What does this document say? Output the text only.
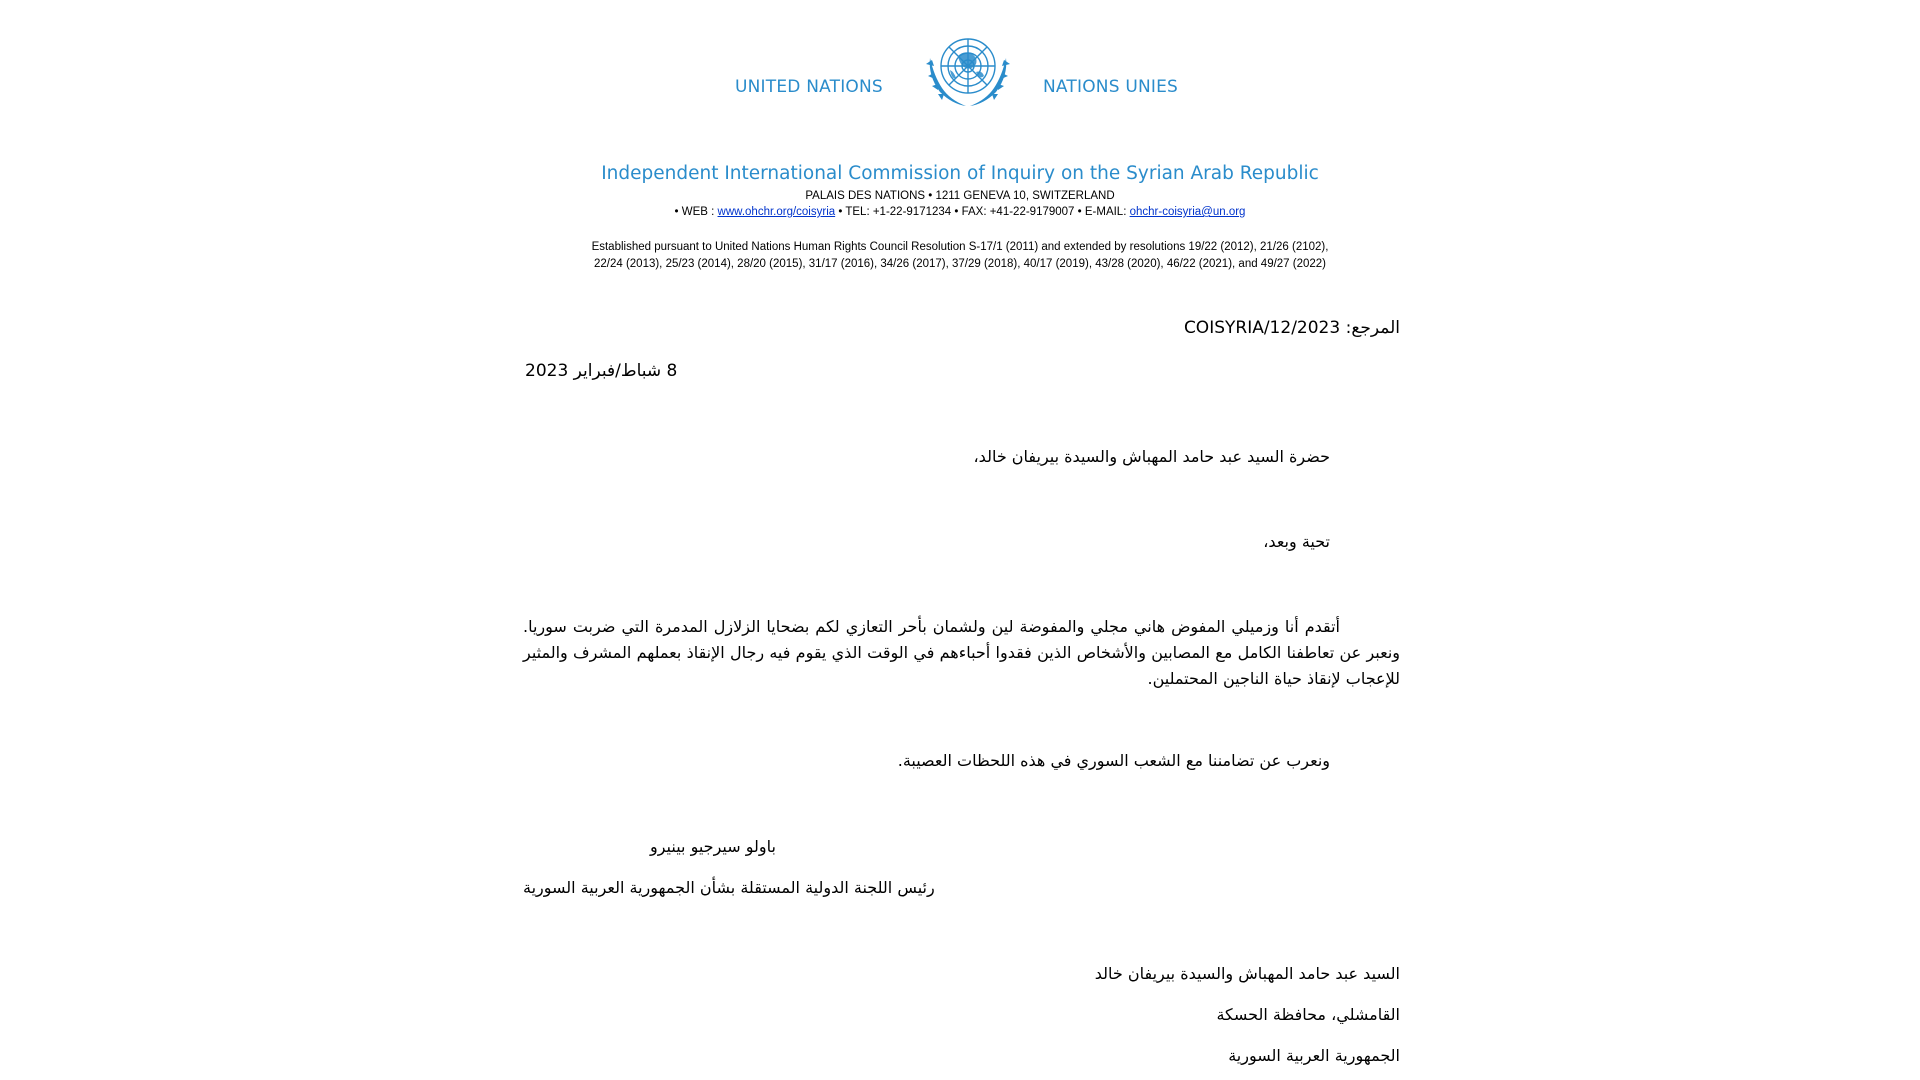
UNITED NATIONS	NATIONS UNIES
Independent International Commission of Inquiry on the Syrian Arab Republic
PALAIS DES NATIONS • 1211 GENEVA 10, SWITZERLAND
• WEB : www.ohchr.org/coisyria • TEL: +1-22-9171234 • FAX: +41-22-9179007 • E-MAIL: ohchr-coisyria@un.org
Established pursuant to United Nations Human Rights Council Resolution S-17/1 (2011) and extended by resolutions 19/22 (2012), 21/26 (2102),
22/24 (2013), 25/23 (2014), 28/20 (2015), 31/17 (2016), 34/26 (2017), 37/29 (2018), 40/17 (2019), 43/28 (2020), 46/22 (2021), and 49/27 (2022)
المرجع: COISYRIA/12/2023
8 شباط/فبراير 2023
حضرة السيد عبد حامد المهباش والسيدة بيريفان خالد،
تحية وبعد،
أتقدم أنا وزميلي المفوض هاني مجلي والمفوضة لين ولشمان بأحر التعازي لكم بضحايا الزلازل المدمرة التي ضربت سوريا. ونعبر عن تعاطفنا الكامل مع المصابين والأشخاص الذين فقدوا أحباءهم في الوقت الذي يقوم فيه رجال الإنقاذ بعملهم المشرف والمثير للإعجاب لإنقاذ حياة الناجين المحتملين.
ونعرب عن تضامننا مع الشعب السوري في هذه اللحظات العصيبة.
باولو سيرجيو بينيرو
رئيس اللجنة الدولية المستقلة بشأن الجمهورية العربية السورية
السيد عبد حامد المهباش والسيدة بيريفان خالد
القامشلي، محافظة الحسكة
الجمهورية العربية السورية
